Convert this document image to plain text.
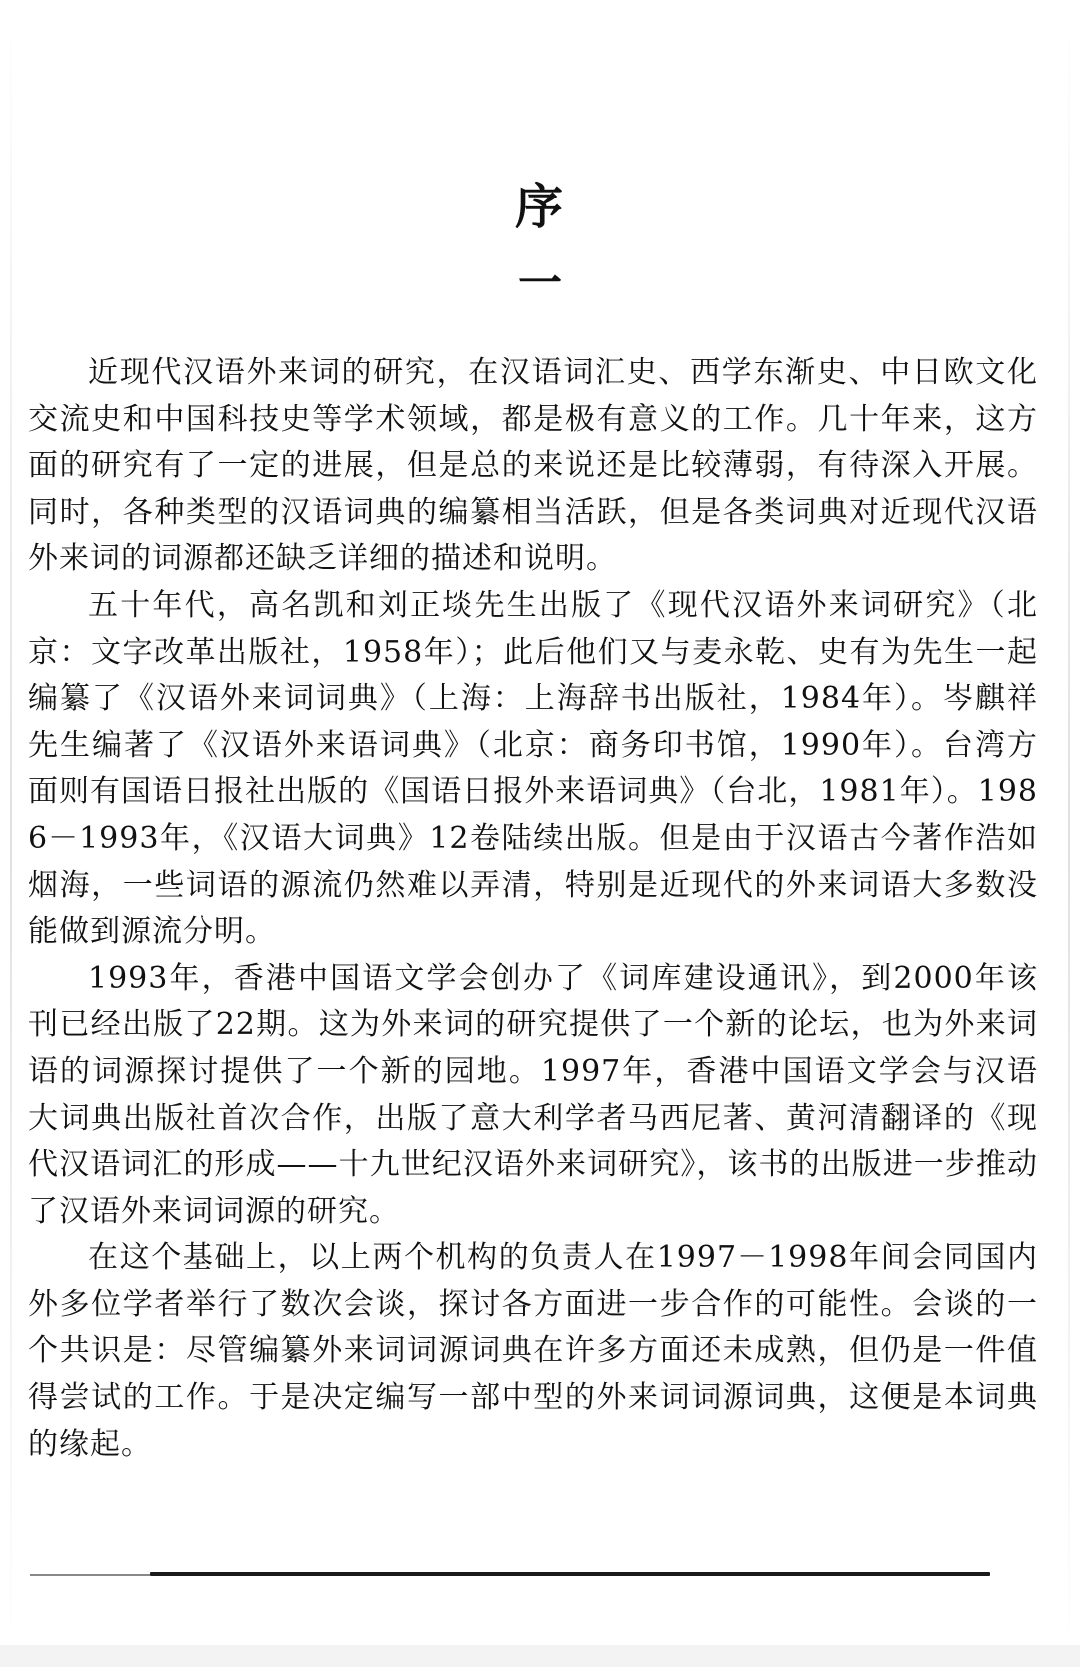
序
一

近现代汉语外来词的研究，在汉语词汇史、西学东渐史、中日欧文化交流史和中国科技史等学术领域，都是极有意义的工作。几十年来，这方面的研究有了一定的进展，但是总的来说还是比较薄弱，有待深入开展。同时，各种类型的汉语词典的编纂相当活跃，但是各类词典对近现代汉语外来词的词源都还缺乏详细的描述和说明。

五十年代，高名凯和刘正埮先生出版了《现代汉语外来词研究》（北京：文字改革出版社，1958年）；此后他们又与麦永乾、史有为先生一起编纂了《汉语外来词词典》（上海：上海辞书出版社，1984年）。岑麒祥先生编著了《汉语外来语词典》（北京：商务印书馆，1990年）。台湾方面则有国语日报社出版的《国语日报外来语词典》（台北，1981年）。1986－1993年，《汉语大词典》12卷陆续出版。但是由于汉语古今著作浩如烟海，一些词语的源流仍然难以弄清，特别是近现代的外来词语大多数没能做到源流分明。

1993年，香港中国语文学会创办了《词库建设通讯》，到2000年该刊已经出版了22期。这为外来词的研究提供了一个新的论坛，也为外来词语的词源探讨提供了一个新的园地。1997年，香港中国语文学会与汉语大词典出版社首次合作，出版了意大利学者马西尼著、黄河清翻译的《现代汉语词汇的形成——十九世纪汉语外来词研究》，该书的出版进一步推动了汉语外来词词源的研究。

在这个基础上，以上两个机构的负责人在1997－1998年间会同国内外多位学者举行了数次会谈，探讨各方面进一步合作的可能性。会谈的一个共识是：尽管编纂外来词词源词典在许多方面还未成熟，但仍是一件值得尝试的工作。于是决定编写一部中型的外来词词源词典，这便是本词典的缘起。
